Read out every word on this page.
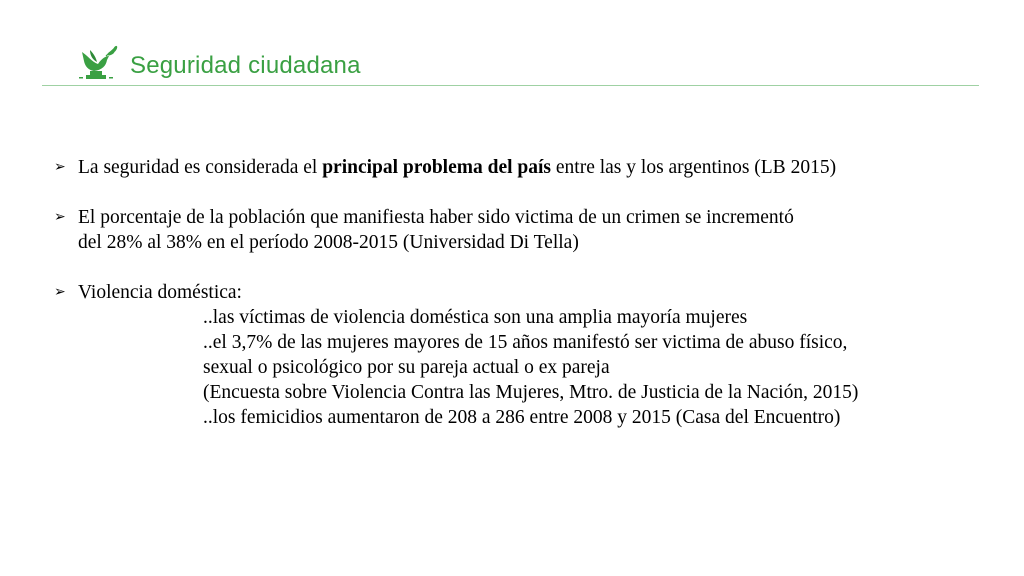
Seguridad ciudadana
➢ La seguridad es considerada el principal problema del país entre las y los argentinos (LB 2015)
➢ El porcentaje de la población que manifiesta haber sido victima de un crimen se incrementó
del 28% al 38% en el período 2008-2015 (Universidad Di Tella)
➢ Violencia doméstica:
..las víctimas de violencia doméstica son una amplia mayoría mujeres
..el 3,7% de las mujeres mayores de 15 años manifestó ser victima de abuso físico,
sexual o psicológico por su pareja actual o ex pareja
(Encuesta sobre Violencia Contra las Mujeres, Mtro. de Justicia de la Nación, 2015)
..los femicidios aumentaron de 208 a 286 entre 2008 y 2015 (Casa del Encuentro)
